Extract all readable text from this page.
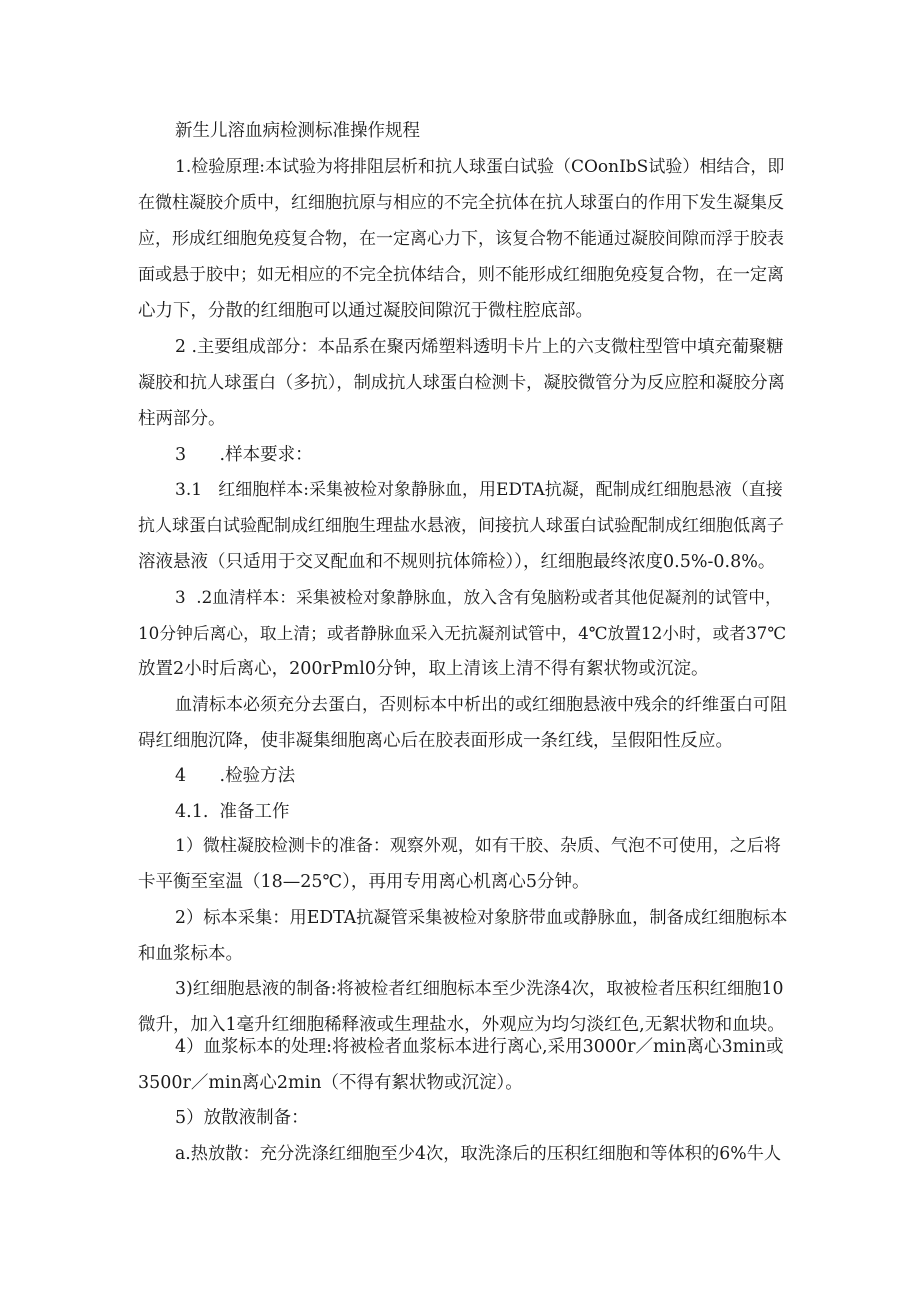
新生儿溶血病检测标准操作规程

1.检验原理:本试验为将排阻层析和抗人球蛋白试验（COonIbS试验）相结合，即
在微柱凝胶介质中，红细胞抗原与相应的不完全抗体在抗人球蛋白的作用下发生凝集反
应，形成红细胞免疫复合物，在一定离心力下，该复合物不能通过凝胶间隙而浮于胶表
面或悬于胶中；如无相应的不完全抗体结合，则不能形成红细胞免疫复合物，在一定离
心力下，分散的红细胞可以通过凝胶间隙沉于微柱腔底部。

2 .主要组成部分：本品系在聚丙烯塑料透明卡片上的六支微柱型管中填充葡聚糖
凝胶和抗人球蛋白（多抗），制成抗人球蛋白检测卡，凝胶微管分为反应腔和凝胶分离
柱两部分。

3      .样本要求：

3.1   红细胞样本:采集被检对象静脉血，用EDTA抗凝，配制成红细胞悬液（直接
抗人球蛋白试验配制成红细胞生理盐水悬液，间接抗人球蛋白试验配制成红细胞低离子
溶液悬液（只适用于交叉配血和不规则抗体筛检）），红细胞最终浓度0.5%-0.8%。

3  .2血清样本：采集被检对象静脉血，放入含有兔脑粉或者其他促凝剂的试管中，
10分钟后离心，取上清；或者静脉血采入无抗凝剂试管中，4℃放置12小时，或者37℃
放置2小时后离心，200rPml0分钟，取上清该上清不得有絮状物或沉淀。

血清标本必须充分去蛋白，否则标本中析出的或红细胞悬液中残余的纤维蛋白可阻
碍红细胞沉降，使非凝集细胞离心后在胶表面形成一条红线，呈假阳性反应。

4      .检验方法

4.1.  准备工作

1）微柱凝胶检测卡的准备：观察外观，如有干胶、杂质、气泡不可使用，之后将
卡平衡至室温（18—25℃），再用专用离心机离心5分钟。

2）标本采集：用EDTA抗凝管采集被检对象脐带血或静脉血，制备成红细胞标本
和血浆标本。

3)红细胞悬液的制备:将被检者红细胞标本至少洗涤4次，取被检者压积红细胞10
微升，加入1毫升红细胞稀释液或生理盐水，外观应为均匀淡红色,无絮状物和血块。

4）血浆标本的处理:将被检者血浆标本进行离心,采用3000r／min离心3min或
3500r／min离心2min（不得有絮状物或沉淀）。

5）放散液制备：

a.热放散：充分洗涤红细胞至少4次，取洗涤后的压积红细胞和等体积的6%牛人
